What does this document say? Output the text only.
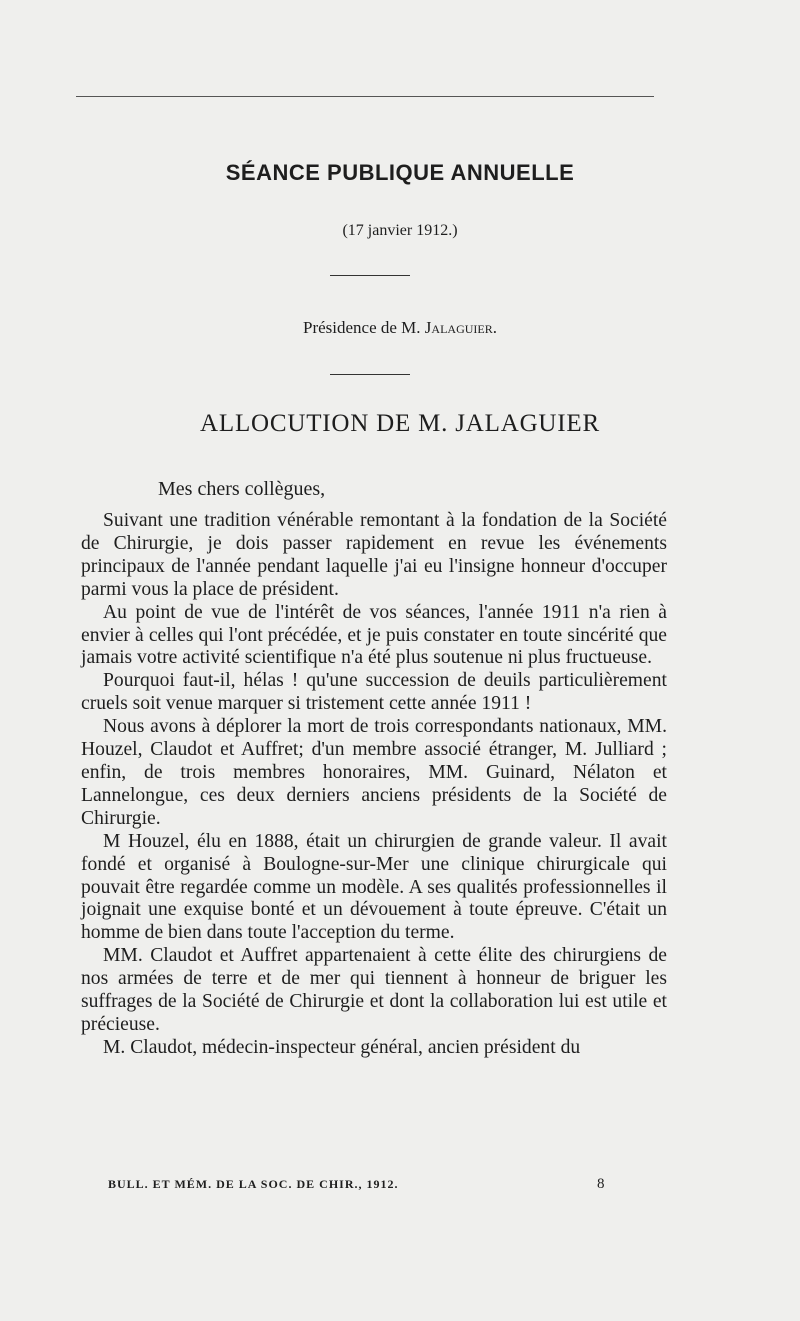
SÉANCE PUBLIQUE ANNUELLE
(17 janvier 1912.)
Présidence de M. Jalaguier.
ALLOCUTION DE M. JALAGUIER
Mes chers collègues,

Suivant une tradition vénérable remontant à la fondation de la Société de Chirurgie, je dois passer rapidement en revue les événements principaux de l'année pendant laquelle j'ai eu l'insigne honneur d'occuper parmi vous la place de président.

Au point de vue de l'intérêt de vos séances, l'année 1911 n'a rien à envier à celles qui l'ont précédée, et je puis constater en toute sincérité que jamais votre activité scientifique n'a été plus soutenue ni plus fructueuse.

Pourquoi faut-il, hélas ! qu'une succession de deuils particulièrement cruels soit venue marquer si tristement cette année 1911 !

Nous avons à déplorer la mort de trois correspondants nationaux, MM. Houzel, Claudot et Auffret; d'un membre associé étranger, M. Julliard ; enfin, de trois membres honoraires, MM. Guinard, Nélaton et Lannelongue, ces deux derniers anciens présidents de la Société de Chirurgie.

M Houzel, élu en 1888, était un chirurgien de grande valeur. Il avait fondé et organisé à Boulogne-sur-Mer une clinique chirurgicale qui pouvait être regardée comme un modèle. A ses qualités professionnelles il joignait une exquise bonté et un dévouement à toute épreuve. C'était un homme de bien dans toute l'acception du terme.

MM. Claudot et Auffret appartenaient à cette élite des chirurgiens de nos armées de terre et de mer qui tiennent à honneur de briguer les suffrages de la Société de Chirurgie et dont la collaboration lui est utile et précieuse.

M. Claudot, médecin-inspecteur général, ancien président du

BULL. ET MÉM. DE LA SOC. DE CHIR., 1912.	8
